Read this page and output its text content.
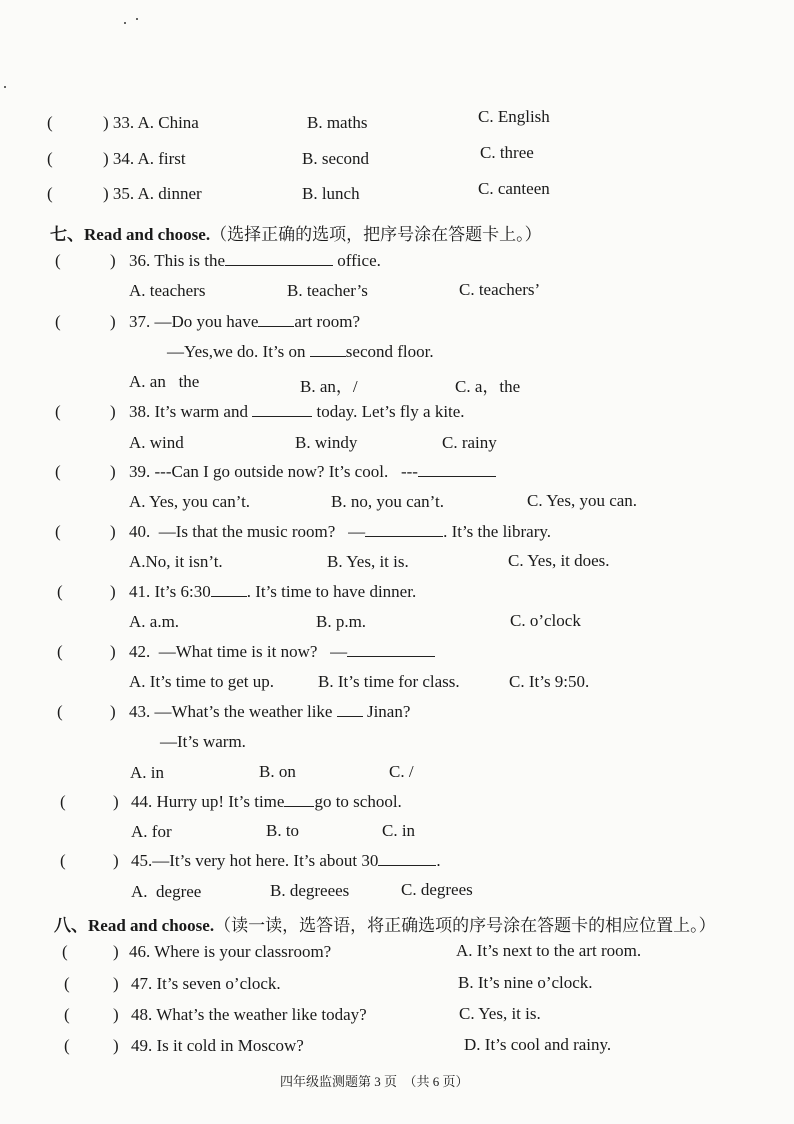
(	) 33. A. China	B. maths	C. English
(	) 34. A. first	B. second	C. three
(	) 35. A. dinner	B. lunch	C. canteen
七、Read and choose.（选择正确的选项，把序号涂在答题卡上。）
(	) 36. This is the	office.
A. teachers	B. teacher’s	C. teachers’
(	) 37. —Do you have art room?
—Yes,we do. It’s on second floor.
A. an   the	B. an，/	C. a，the
(	) 38. It’s warm and	today. Let’s fly a kite.
A. wind	B. windy	C. rainy
(	) 39. ---Can I go outside now? It’s cool.   ---
A. Yes, you can’t.	B. no, you can’t.	C. Yes, you can.
(	) 40. —Is that the music room?   —	. It’s the library.
A.No, it isn’t.	B. Yes, it is.	C. Yes, it does.
(	) 41. It’s 6:30 . It’s time to have dinner.
A. a.m.	B. p.m.	C. o’clock
(	) 42. —What time is it now?   —
A. It’s time to get up.	B. It’s time for class.	C. It’s 9:50.
(	) 43. —What’s the weather like  Jinan?
—It’s warm.
A. in	B. on	C. /
(	) 44. Hurry up! It’s time go to school.
A. for	B. to	C. in
(	) 45.—It’s very hot here. It’s about 30	.
A.  degree	B. degreees	C. degrees
八、Read and choose.（读一读，选答语，将正确选项的序号涂在答题卡的相应位置上。）
(	) 46. Where is your classroom?	A. It’s next to the art room.
(	) 47. It’s seven o’clock.	B. It’s nine o’clock.
(	) 48. What’s the weather like today?	C. Yes, it is.
(	) 49. Is it cold in Moscow?	D. It’s cool and rainy.
四年级监测题第 3 页  （共 6 页）
